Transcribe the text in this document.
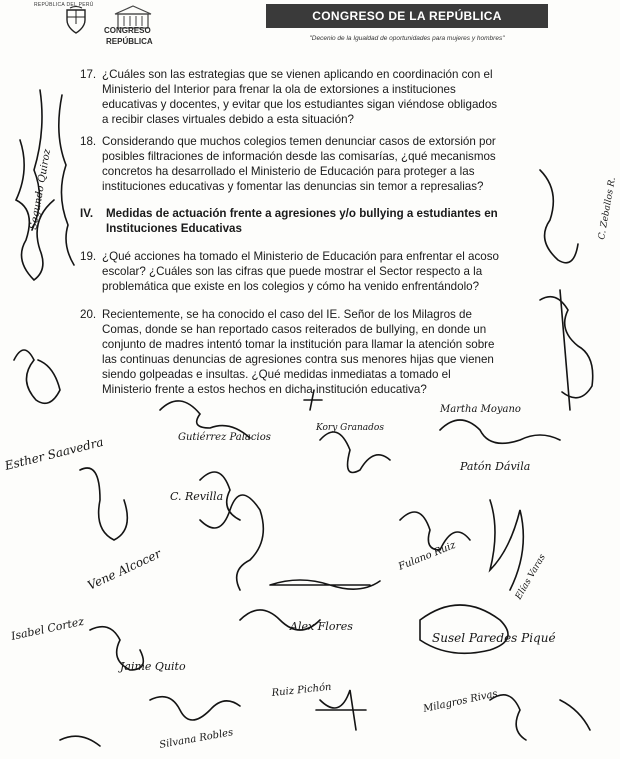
REPÚBLICA DEL PERÚ
CONGRESO
REPÚBLICA
CONGRESO DE LA REPÚBLICA
"Decenio de la Igualdad de oportunidades para mujeres y hombres"
17. ¿Cuáles son las estrategias que se vienen aplicando en coordinación con el
Ministerio del Interior para frenar la ola de extorsiones a instituciones
educativas y docentes, y evitar que los estudiantes sigan viéndose obligados
a recibir clases virtuales debido a esta situación?
18. Considerando que muchos colegios temen denunciar casos de extorsión por
posibles filtraciones de información desde las comisarías, ¿qué mecanismos
concretos ha desarrollado el Ministerio de Educación para proteger a las
instituciones educativas y fomentar las denuncias sin temor a represalias?
IV. Medidas de actuación frente a agresiones y/o bullying a estudiantes en
Instituciones Educativas
19. ¿Qué acciones ha tomado el Ministerio de Educación para enfrentar el acoso
escolar? ¿Cuáles son las cifras que puede mostrar el Sector respecto a la
problemática que existe en los colegios y cómo ha venido enfrentándolo?
20. Recientemente, se ha conocido el caso del IE. Señor de los Milagros de
Comas, donde se han reportado casos reiterados de bullying, en donde un
conjunto de madres intentó tomar la institución para llamar la atención sobre
las continuas denuncias de agresiones contra sus menores hijas que vienen
siendo golpeadas e insultas. ¿Qué medidas inmediatas a tomado el
Ministerio frente a estos hechos en dicha institución educativa?
Esther Saavedra	Gutiérrez Palacios
Kory Granados
Patón Dávila
C. Revilla
Vene Alcocer
Isabel Cortez
Fulano Ruiz
Jaime Quito
Alex Flores
Susel Paredes Piqué
Ruiz Pichón	Milagros Rivas
Silvana Robles
Martha Moyano
Segundo Quiroz
Elías Varas
C. Zeballos R.
